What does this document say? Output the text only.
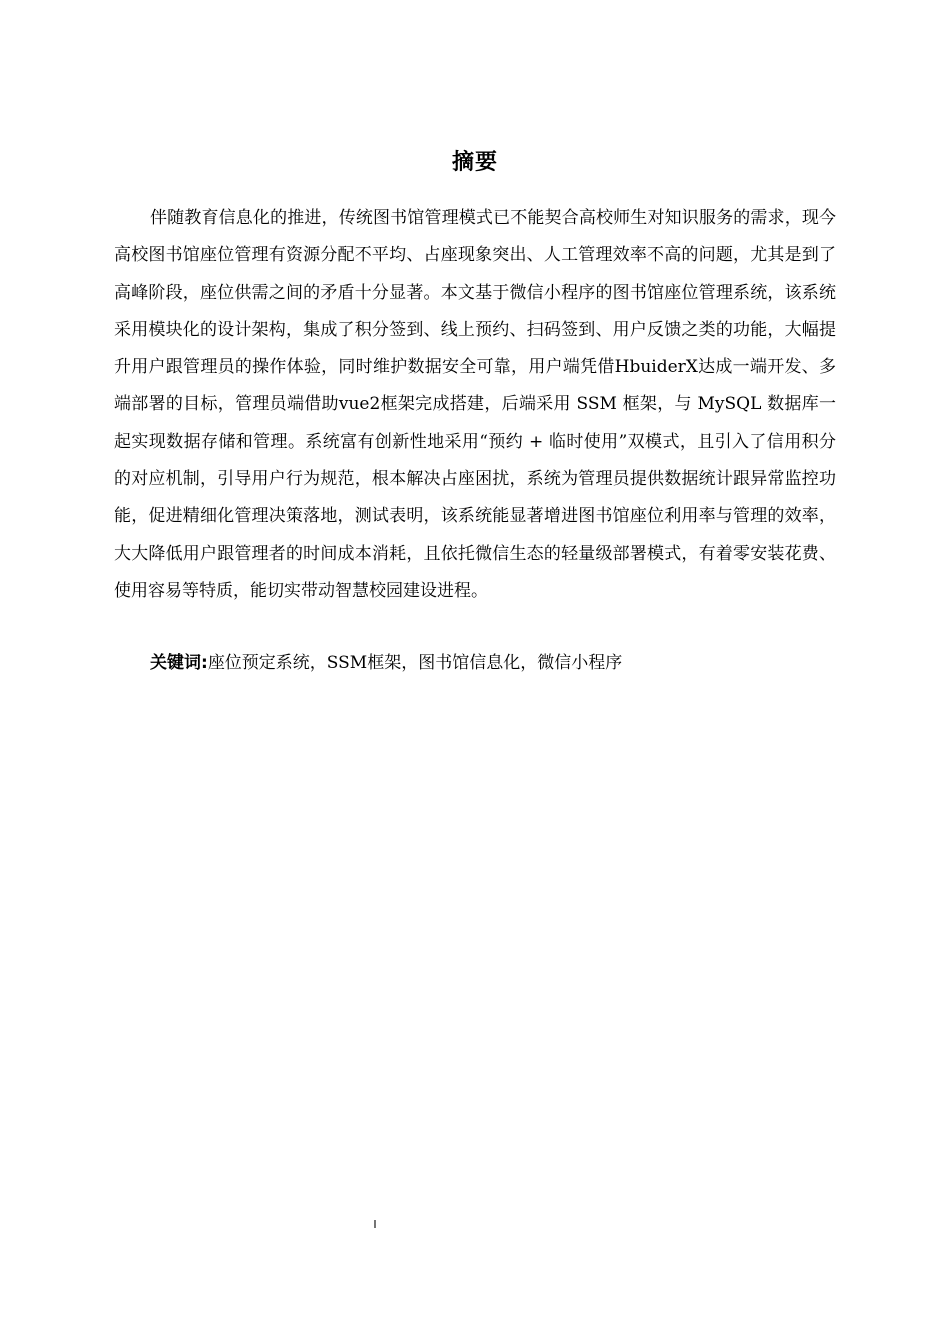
摘要

伴随教育信息化的推进，传统图书馆管理模式已不能契合高校师生对知识服务的需求，现今高校图书馆座位管理有资源分配不平均、占座现象突出、人工管理效率不高的问题，尤其是到了高峰阶段，座位供需之间的矛盾十分显著。本文基于微信小程序的图书馆座位管理系统，该系统采用模块化的设计架构，集成了积分签到、线上预约、扫码签到、用户反馈之类的功能，大幅提升用户跟管理员的操作体验，同时维护数据安全可靠，用户端凭借HbuiderX达成一端开发、多端部署的目标，管理员端借助vue2框架完成搭建，后端采用 SSM 框架，与 MySQL 数据库一起实现数据存储和管理。系统富有创新性地采用“预约 + 临时使用”双模式，且引入了信用积分的对应机制，引导用户行为规范，根本解决占座困扰，系统为管理员提供数据统计跟异常监控功能，促进精细化管理决策落地，测试表明，该系统能显著增进图书馆座位利用率与管理的效率，大大降低用户跟管理者的时间成本消耗，且依托微信生态的轻量级部署模式，有着零安装花费、使用容易等特质，能切实带动智慧校园建设进程。

关键词:座位预定系统，SSM框架，图书馆信息化，微信小程序
I
